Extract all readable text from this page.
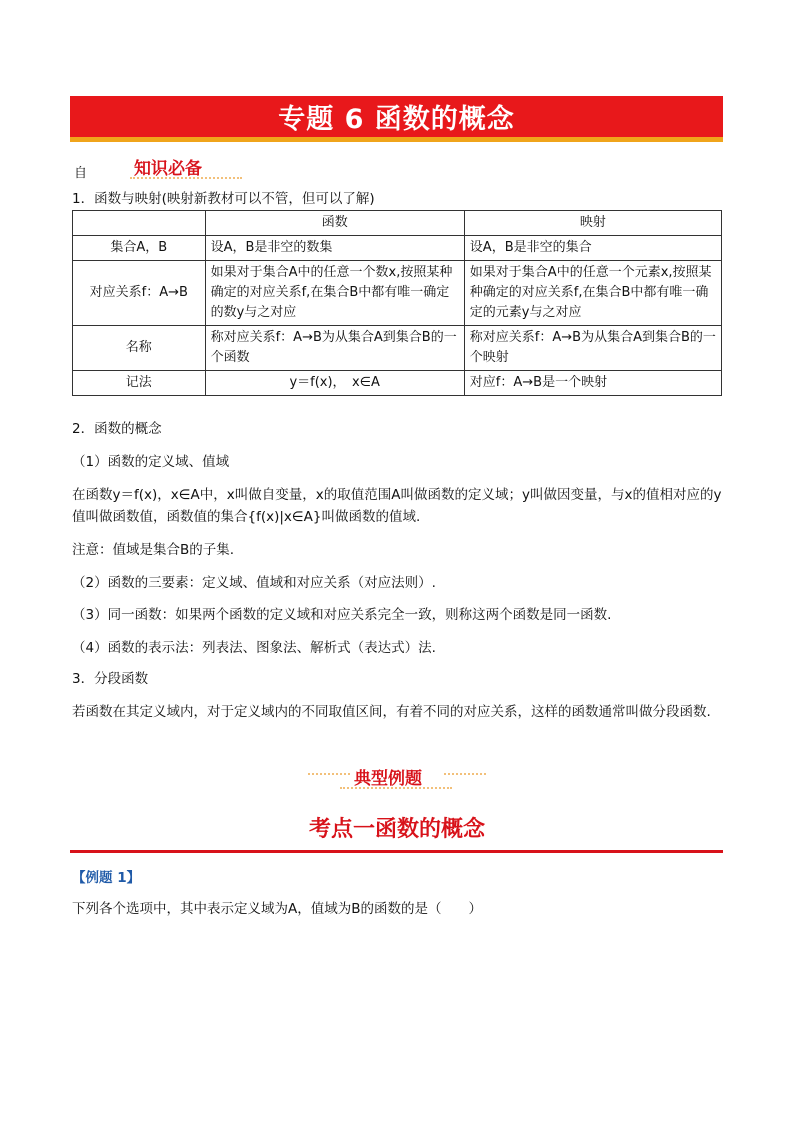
专题 6 函数的概念
自	知识必备
1．函数与映射(映射新教材可以不管，但可以了解)
	函数	映射
集合A，B	设A，B是非空的数集	设A，B是非空的集合
对应关系f：A→B	如果对于集合A中的任意一个数x,按照某种确定的对应关系f,在集合B中都有唯一确定的数y与之对应	如果对于集合A中的任意一个元素x,按照某种确定的对应关系f,在集合B中都有唯一确定的元素y与之对应
名称	称对应关系f：A→B为从集合A到集合B的一个函数	称对应关系f：A→B为从集合A到集合B的一个映射
记法	y＝f(x)，　x∈A	对应f：A→B是一个映射
2．函数的概念
（1）函数的定义域、值域
在函数y＝f(x)，x∈A中，x叫做自变量，x的取值范围A叫做函数的定义域；y叫做因变量，与x的值相对应的y值叫做函数值，函数值的集合{f(x)|x∈A}叫做函数的值域.
注意：值域是集合B的子集.
（2）函数的三要素：定义域、值域和对应关系（对应法则）.
（3）同一函数：如果两个函数的定义域和对应关系完全一致，则称这两个函数是同一函数.
（4）函数的表示法：列表法、图象法、解析式（表达式）法.
3．分段函数
若函数在其定义域内，对于定义域内的不同取值区间，有着不同的对应关系，这样的函数通常叫做分段函数.
典型例题
考点一函数的概念
【例题 1】
下列各个选项中，其中表示定义域为A，值域为B的函数的是（　　）
